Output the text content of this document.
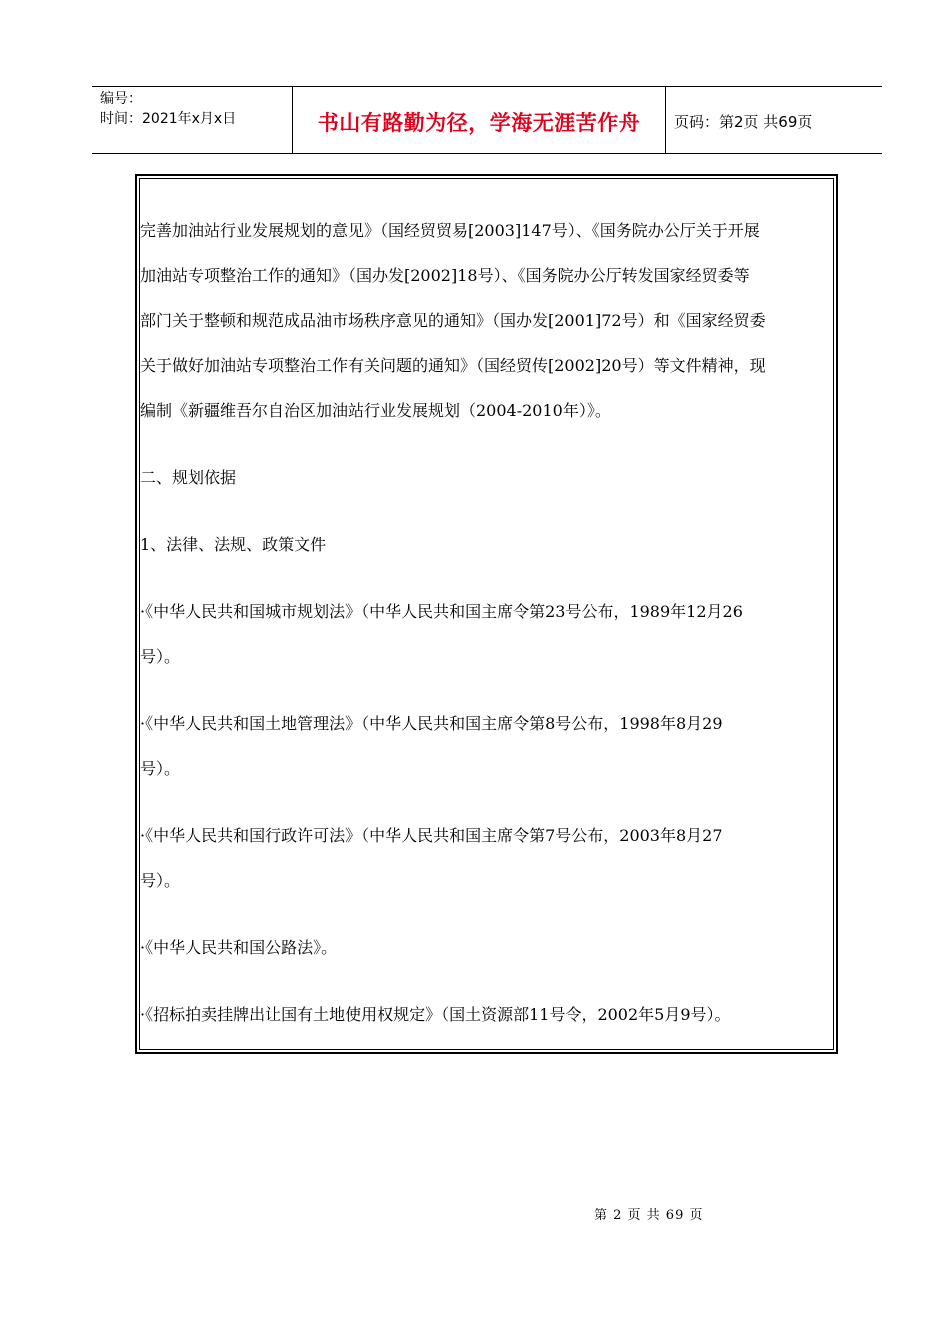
编号：
时间：2021年x月x日	书山有路勤为径，学海无涯苦作舟	页码：第2页 共69页

完善加油站行业发展规划的意见》（国经贸贸易[2003]147号）、《国务院办公厅关于开展

加油站专项整治工作的通知》（国办发[2002]18号）、《国务院办公厅转发国家经贸委等

部门关于整顿和规范成品油市场秩序意见的通知》（国办发[2001]72号）和《国家经贸委

关于做好加油站专项整治工作有关问题的通知》（国经贸传[2002]20号）等文件精神，现

编制《新疆维吾尔自治区加油站行业发展规划（2004-2010年）》。

二、规划依据

1、法律、法规、政策文件

·《中华人民共和国城市规划法》（中华人民共和国主席令第23号公布，1989年12月26

号）。

·《中华人民共和国土地管理法》（中华人民共和国主席令第8号公布，1998年8月29

号）。

·《中华人民共和国行政许可法》（中华人民共和国主席令第7号公布，2003年8月27

号）。

·《中华人民共和国公路法》。

·《招标拍卖挂牌出让国有土地使用权规定》（国土资源部11号令，2002年5月9号）。

第 2 页 共 69 页
